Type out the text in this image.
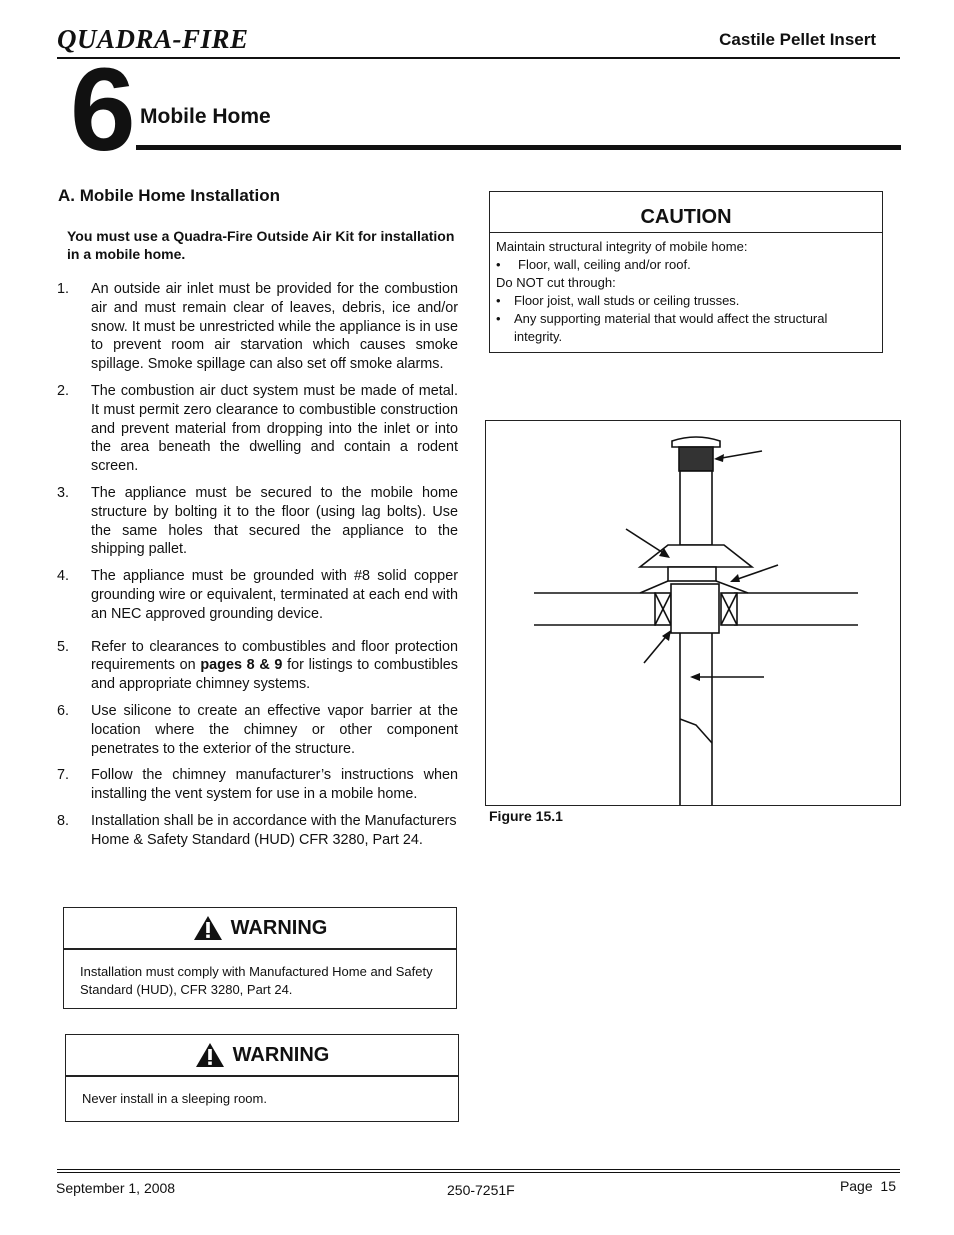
QUADRA-FIRE	Castile Pellet Insert
6 Mobile Home
A. Mobile Home Installation
You must use a Quadra-Fire Outside Air Kit for installation in a mobile home.
1. An outside air inlet must be provided for the combustion air and must remain clear of leaves, debris, ice and/or snow. It must be unrestricted while the appliance is in use to prevent room air starvation which causes smoke spillage. Smoke spillage can also set off smoke alarms.
2. The combustion air duct system must be made of metal. It must permit zero clearance to combustible construction and prevent material from dropping into the inlet or into the area beneath the dwelling and contain a rodent screen.
3. The appliance must be secured to the mobile home structure by bolting it to the floor (using lag bolts). Use the same holes that secured the appliance to the shipping pallet.
4. The appliance must be grounded with #8 solid copper grounding wire or equivalent, terminated at each end with an NEC approved grounding device.
5. Refer to clearances to combustibles and floor protection requirements on pages 8 & 9 for listings to combustibles and appropriate chimney systems.
6. Use silicone to create an effective vapor barrier at the location where the chimney or other component penetrates to the exterior of the structure.
7. Follow the chimney manufacturer’s instructions when installing the vent system for use in a mobile home.
8. Installation shall be in accordance with the Manufacturers Home & Safety Standard (HUD) CFR 3280, Part 24.
WARNING
Installation must comply with Manufactured Home and Safety Standard (HUD), CFR 3280, Part 24.
WARNING
Never install in a sleeping room.
CAUTION
Maintain structural integrity of mobile home:
• Floor, wall, ceiling and/or roof.
Do NOT cut through:
• Floor joist, wall studs or ceiling trusses.
• Any supporting material that would affect the structural integrity.
Figure 15.1
September 1, 2008	250-7251F	Page  15
